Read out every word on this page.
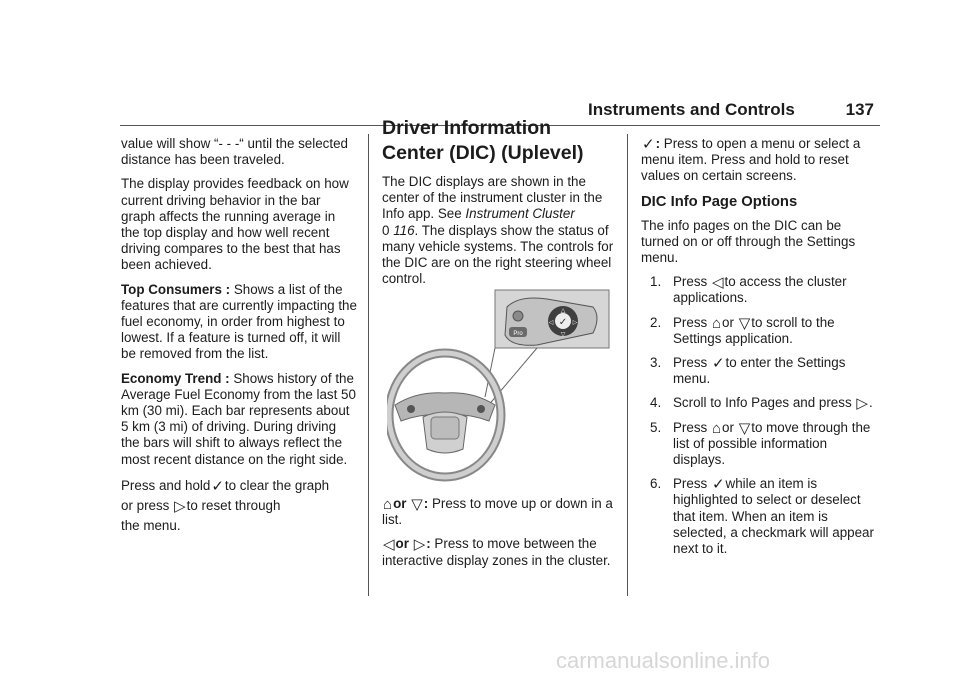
Instruments and Controls	137

value will show “- - -“ until the selected distance has been traveled.

The display provides feedback on how current driving behavior in the bar graph affects the running average in the top display and how well recent driving compares to the best that has been achieved.

Top Consumers : Shows a list of the features that are currently impacting the fuel economy, in order from highest to lowest. If a feature is turned off, it will be removed from the list.

Economy Trend : Shows history of the Average Fuel Economy from the last 50 km (30 mi). Each bar represents about 5 km (3 mi) of driving. During driving the bars will shift to always reflect the most recent distance on the right side.

Press and hold✓to clear the graph
or press ▷to reset through
the menu.

Driver Information Center (DIC) (Uplevel)

The DIC displays are shown in the center of the instrument cluster in the Info app. See Instrument Cluster
0 116. The displays show the status of many vehicle systems. The controls for the DIC are on the right steering wheel control.

Pro
✓ ▷
◁
△
▽

⌂or ▽: Press to move up or down in a list.

◁or ▷: Press to move between the interactive display zones in the cluster.

✓: Press to open a menu or select a menu item. Press and hold to reset values on certain screens.

DIC Info Page Options

The info pages on the DIC can be turned on or off through the Settings menu.

1. Press ◁to access the cluster applications.
2. Press ⌂or ▽to scroll to the Settings application.
3. Press ✓to enter the Settings menu.
4. Scroll to Info Pages and press ▷.
5. Press ⌂or ▽to move through the list of possible information displays.
6. Press ✓while an item is highlighted to select or deselect that item. When an item is selected, a checkmark will appear next to it.
carmanualsonline.info
